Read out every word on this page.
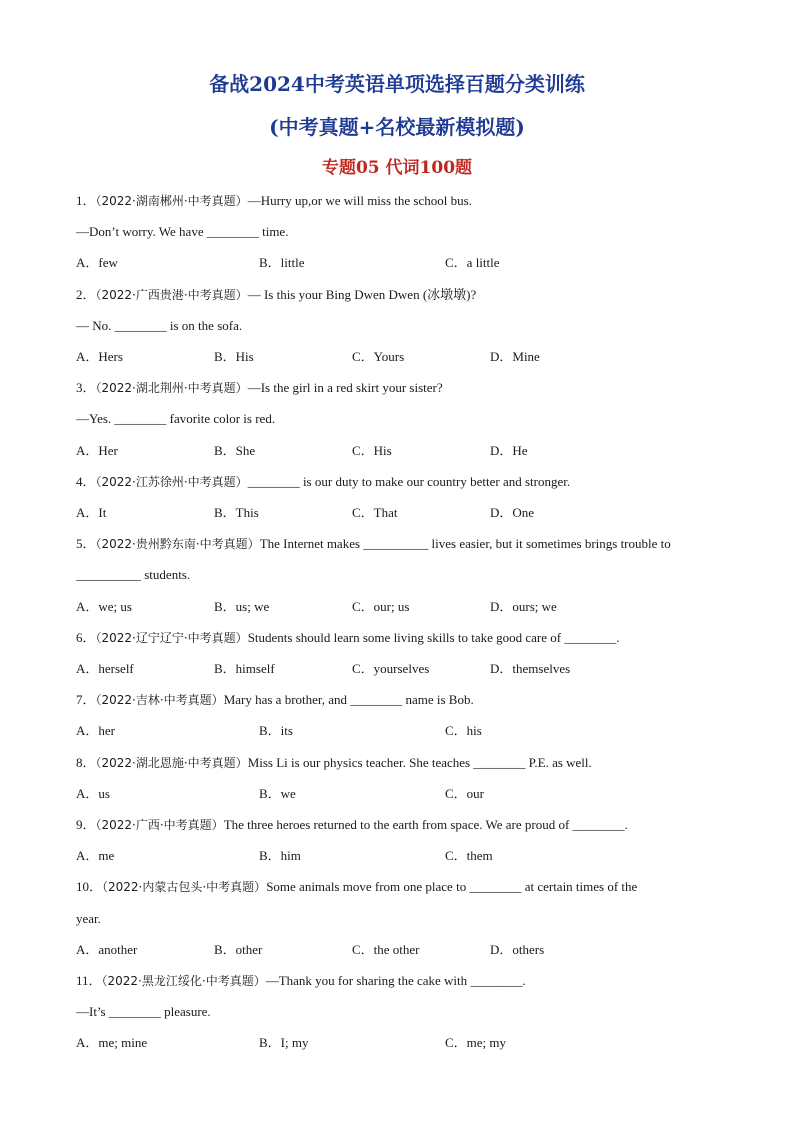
备战2024中考英语单项选择百题分类训练
(中考真题+名校最新模拟题)
专题05 代词100题
1．（2022·湖南郴州·中考真题）—Hurry up,or we will miss the school bus.
—Don’t worry. We have ________ time.
A．few	B．little	C．a little
2．（2022·广西贵港·中考真题）— Is this your Bing Dwen Dwen (冰墩墩)?
— No. ________ is on the sofa.
A．Hers	B．His	C．Yours	D．Mine
3．（2022·湖北荆州·中考真题）—Is the girl in a red skirt your sister?
—Yes. ________ favorite color is red.
A．Her	B．She	C．His	D．He
4．（2022·江苏徐州·中考真题）________ is our duty to make our country better and stronger.
A．It	B．This	C．That	D．One
5．（2022·贵州黔东南·中考真题）The Internet makes __________ lives easier, but it sometimes brings trouble to
__________ students.
A．we; us	B．us; we	C．our; us	D．ours; we
6．（2022·辽宁辽宁·中考真题）Students should learn some living skills to take good care of ________.
A．herself	B．himself	C．yourselves	D．themselves
7．（2022·吉林·中考真题）Mary has a brother, and ________ name is Bob.
A．her	B．its	C．his
8．（2022·湖北恩施·中考真题）Miss Li is our physics teacher. She teaches ________ P.E. as well.
A．us	B．we	C．our
9．（2022·广西·中考真题）The three heroes returned to the earth from space. We are proud of ________.
A．me	B．him	C．them
10．（2022·内蒙古包头·中考真题）Some animals move from one place to ________ at certain times of the
year.
A．another	B．other	C．the other	D．others
11．（2022·黑龙江绥化·中考真题）—Thank you for sharing the cake with ________.
—It’s ________ pleasure.
A．me; mine	B．I; my	C．me; my
